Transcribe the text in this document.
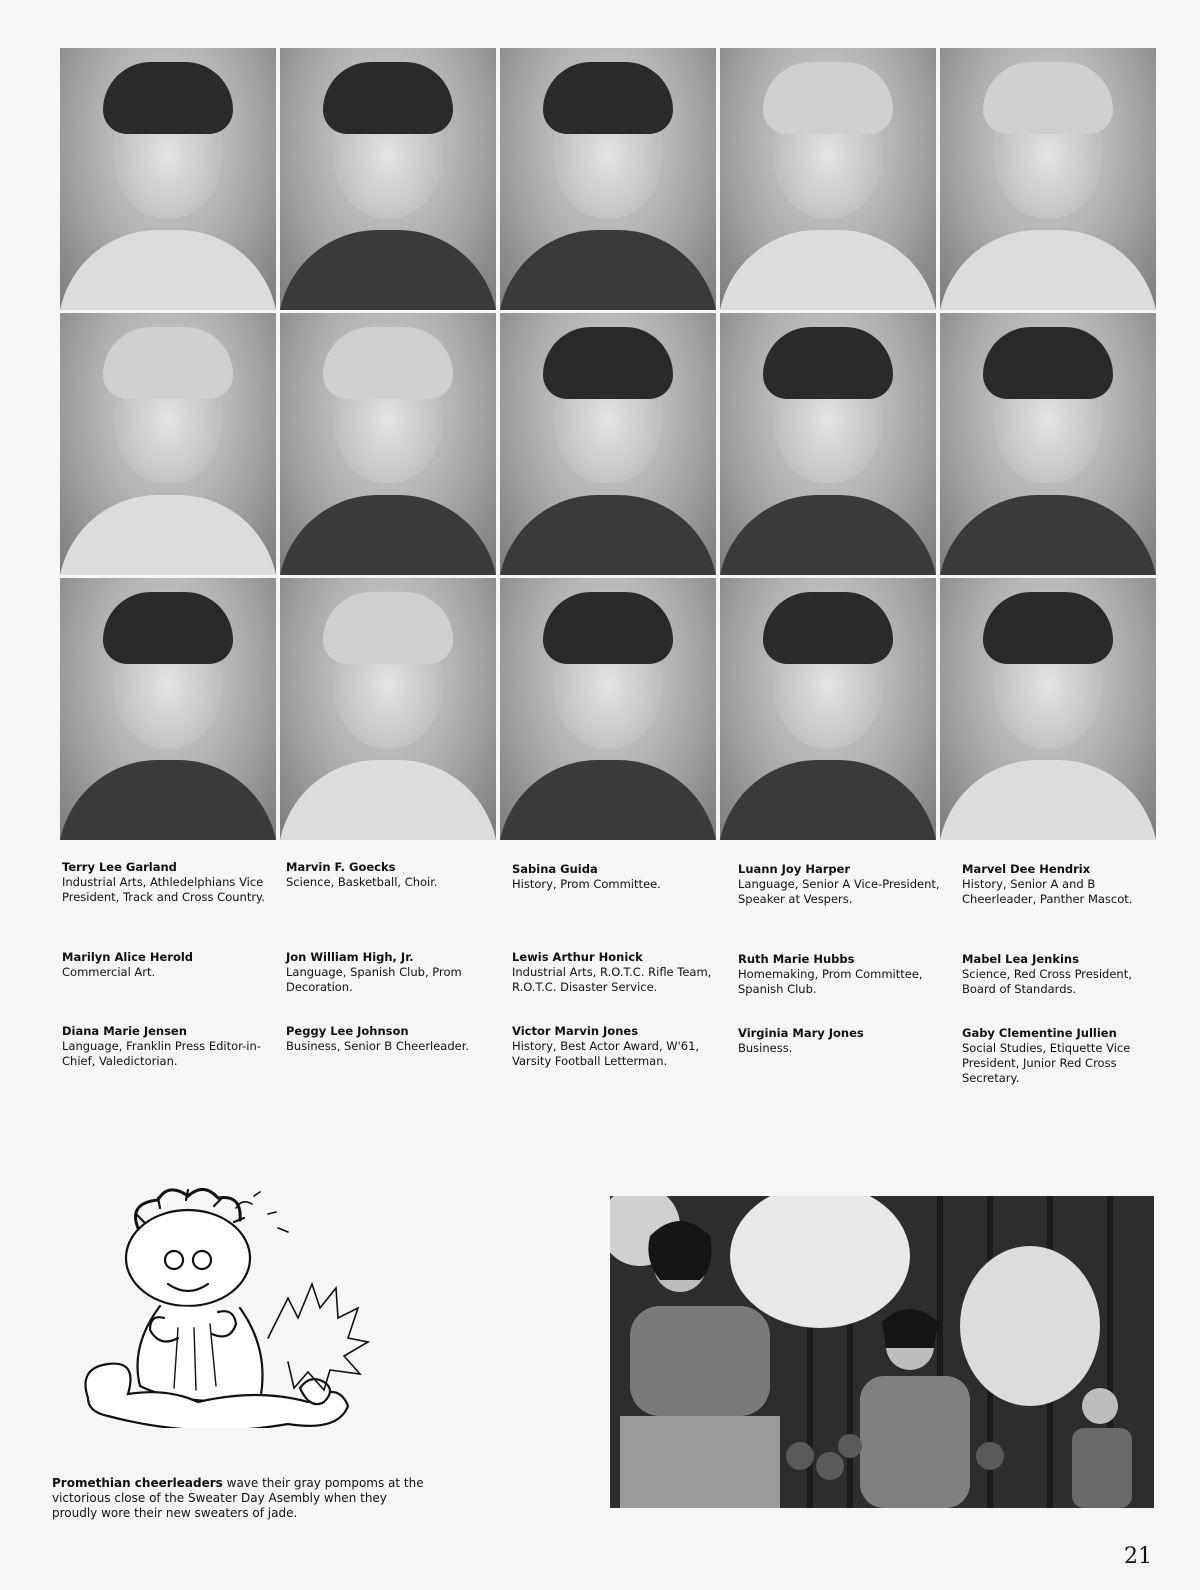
Terry Lee Garland
Industrial Arts, Athledelphians Vice President, Track and Cross Country.
Marvin F. Goecks
Science, Basketball, Choir.
Sabina Guida
History, Prom Committee.
Luann Joy Harper
Language, Senior A Vice-President, Speaker at Vespers.
Marvel Dee Hendrix
History, Senior A and B Cheerleader, Panther Mascot.
Marilyn Alice Herold
Commercial Art.
Jon William High, Jr.
Language, Spanish Club, Prom Decoration.
Lewis Arthur Honick
Industrial Arts, R.O.T.C. Rifle Team, R.O.T.C. Disaster Service.
Ruth Marie Hubbs
Homemaking, Prom Committee, Spanish Club.
Mabel Lea Jenkins
Science, Red Cross President, Board of Standards.
Diana Marie Jensen
Language, Franklin Press Editor-in-Chief, Valedictorian.
Peggy Lee Johnson
Business, Senior B Cheerleader.
Victor Marvin Jones
History, Best Actor Award, W'61, Varsity Football Letterman.
Virginia Mary Jones
Business.
Gaby Clementine Jullien
Social Studies, Etiquette Vice President, Junior Red Cross Secretary.
Promethian cheerleaders wave their gray pompoms at the victorious close of the Sweater Day Asembly when they proudly wore their new sweaters of jade.
21
